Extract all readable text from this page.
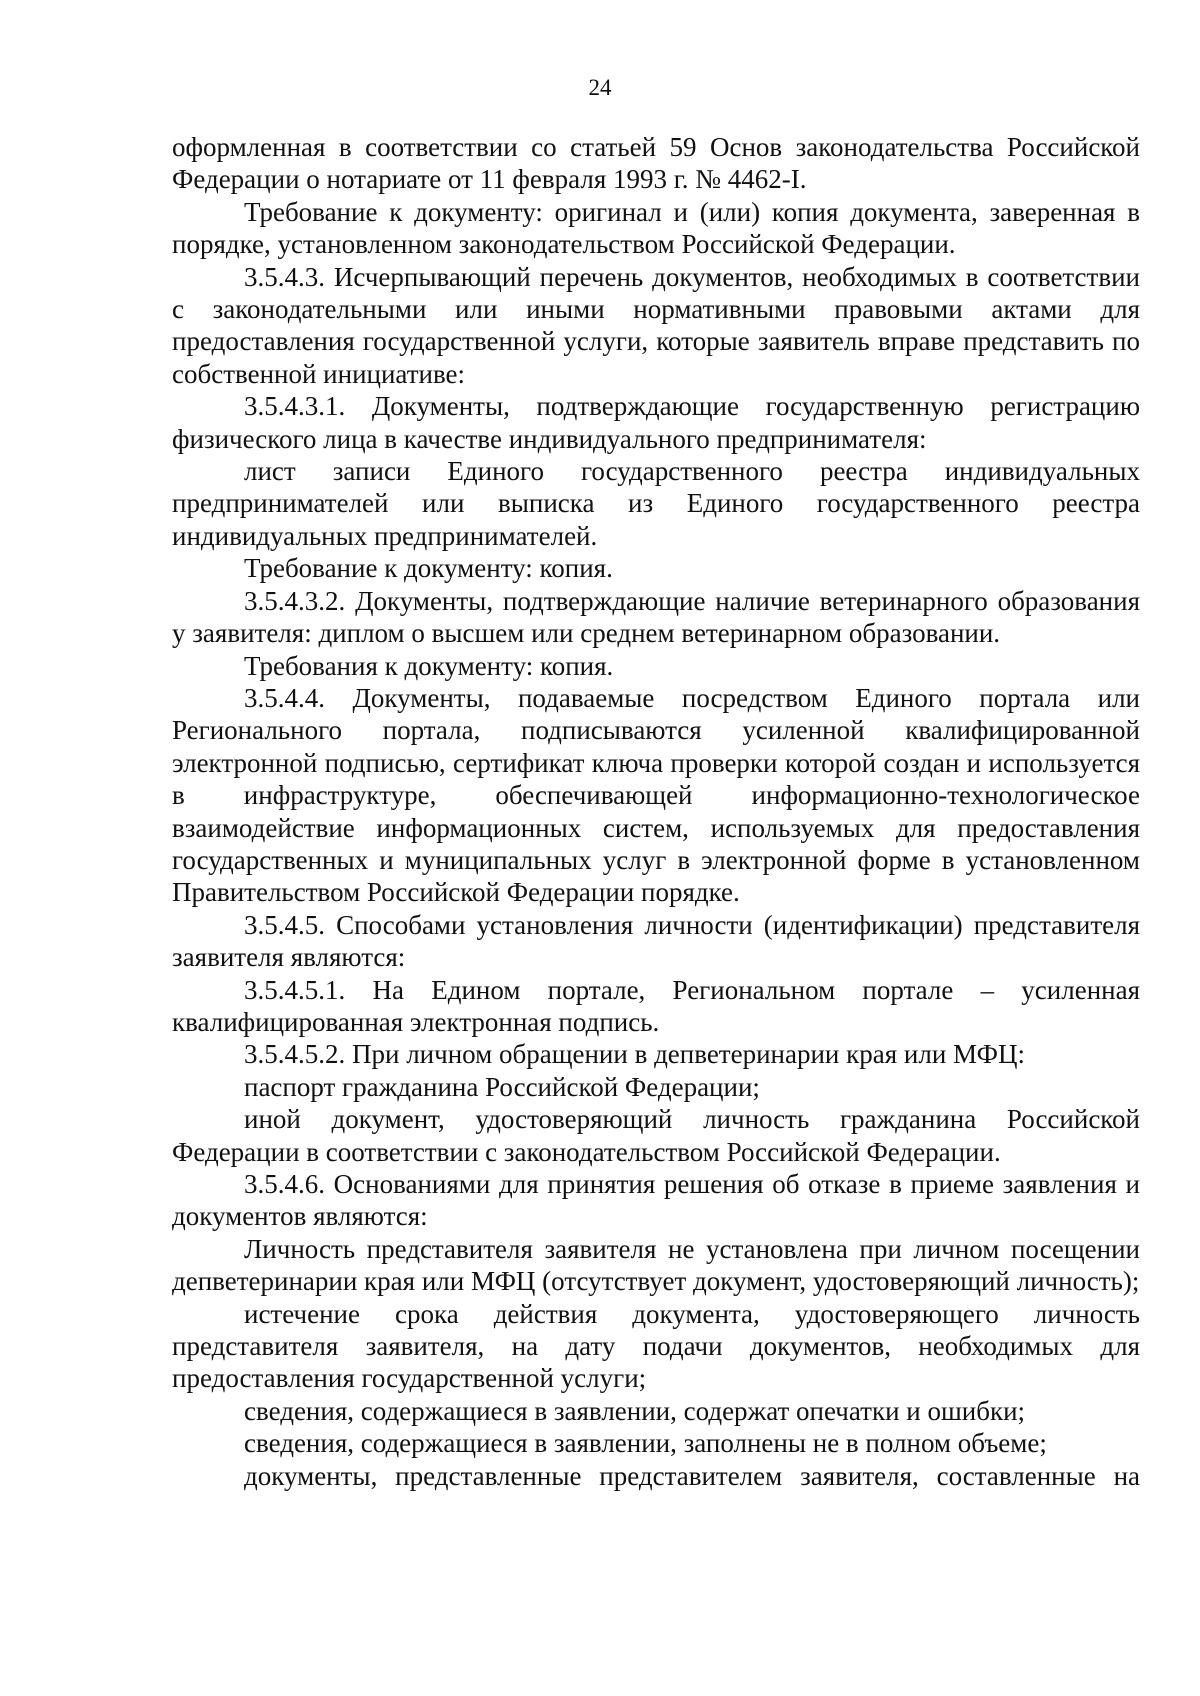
24

оформленная в соответствии со статьей 59 Основ законодательства Российской Федерации о нотариате от 11 февраля 1993 г. № 4462-I.

Требование к документу: оригинал и (или) копия документа, заверенная в порядке, установленном законодательством Российской Федерации.

3.5.4.3. Исчерпывающий перечень документов, необходимых в соответствии с законодательными или иными нормативными правовыми актами для предоставления государственной услуги, которые заявитель вправе представить по собственной инициативе:

3.5.4.3.1. Документы, подтверждающие государственную регистрацию физического лица в качестве индивидуального предпринимателя:

лист записи Единого государственного реестра индивидуальных предпринимателей или выписка из Единого государственного реестра индивидуальных предпринимателей.

Требование к документу: копия.

3.5.4.3.2. Документы, подтверждающие наличие ветеринарного образования у заявителя: диплом о высшем или среднем ветеринарном образовании.

Требования к документу: копия.

3.5.4.4. Документы, подаваемые посредством Единого портала или Регионального портала, подписываются усиленной квалифицированной электронной подписью, сертификат ключа проверки которой создан и используется в инфраструктуре, обеспечивающей информационно-технологическое взаимодействие информационных систем, используемых для предоставления государственных и муниципальных услуг в электронной форме в установленном Правительством Российской Федерации порядке.

3.5.4.5. Способами установления личности (идентификации) представителя заявителя являются:

3.5.4.5.1. На Едином портале, Региональном портале – усиленная квалифицированная электронная подпись.

3.5.4.5.2. При личном обращении в депветеринарии края или МФЦ:

паспорт гражданина Российской Федерации;

иной документ, удостоверяющий личность гражданина Российской Федерации в соответствии с законодательством Российской Федерации.

3.5.4.6. Основаниями для принятия решения об отказе в приеме заявления и документов являются:

Личность представителя заявителя не установлена при личном посещении депветеринарии края или МФЦ (отсутствует документ, удостоверяющий личность);

истечение срока действия документа, удостоверяющего личность представителя заявителя, на дату подачи документов, необходимых для предоставления государственной услуги;

сведения, содержащиеся в заявлении, содержат опечатки и ошибки;

сведения, содержащиеся в заявлении, заполнены не в полном объеме;

документы, представленные представителем заявителя, составленные на
